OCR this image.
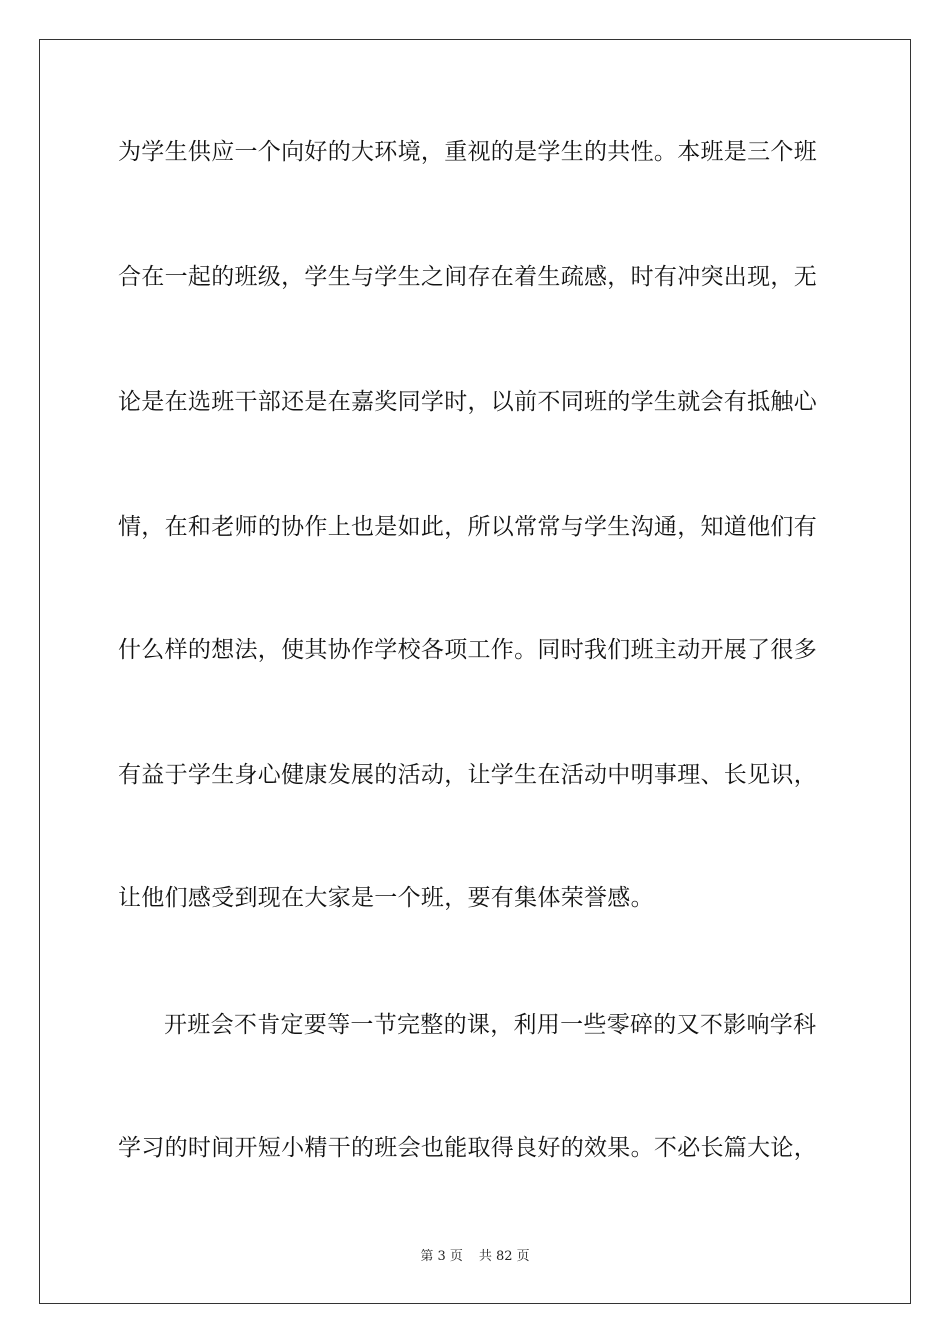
为学生供应一个向好的大环境，重视的是学生的共性。本班是三个班
合在一起的班级，学生与学生之间存在着生疏感，时有冲突出现，无
论是在选班干部还是在嘉奖同学时，以前不同班的学生就会有抵触心
情，在和老师的协作上也是如此，所以常常与学生沟通，知道他们有
什么样的想法，使其协作学校各项工作。同时我们班主动开展了很多
有益于学生身心健康发展的活动，让学生在活动中明事理、长见识，
让他们感受到现在大家是一个班，要有集体荣誉感。
开班会不肯定要等一节完整的课，利用一些零碎的又不影响学科
学习的时间开短小精干的班会也能取得良好的效果。不必长篇大论，
第 3 页 共 82 页
